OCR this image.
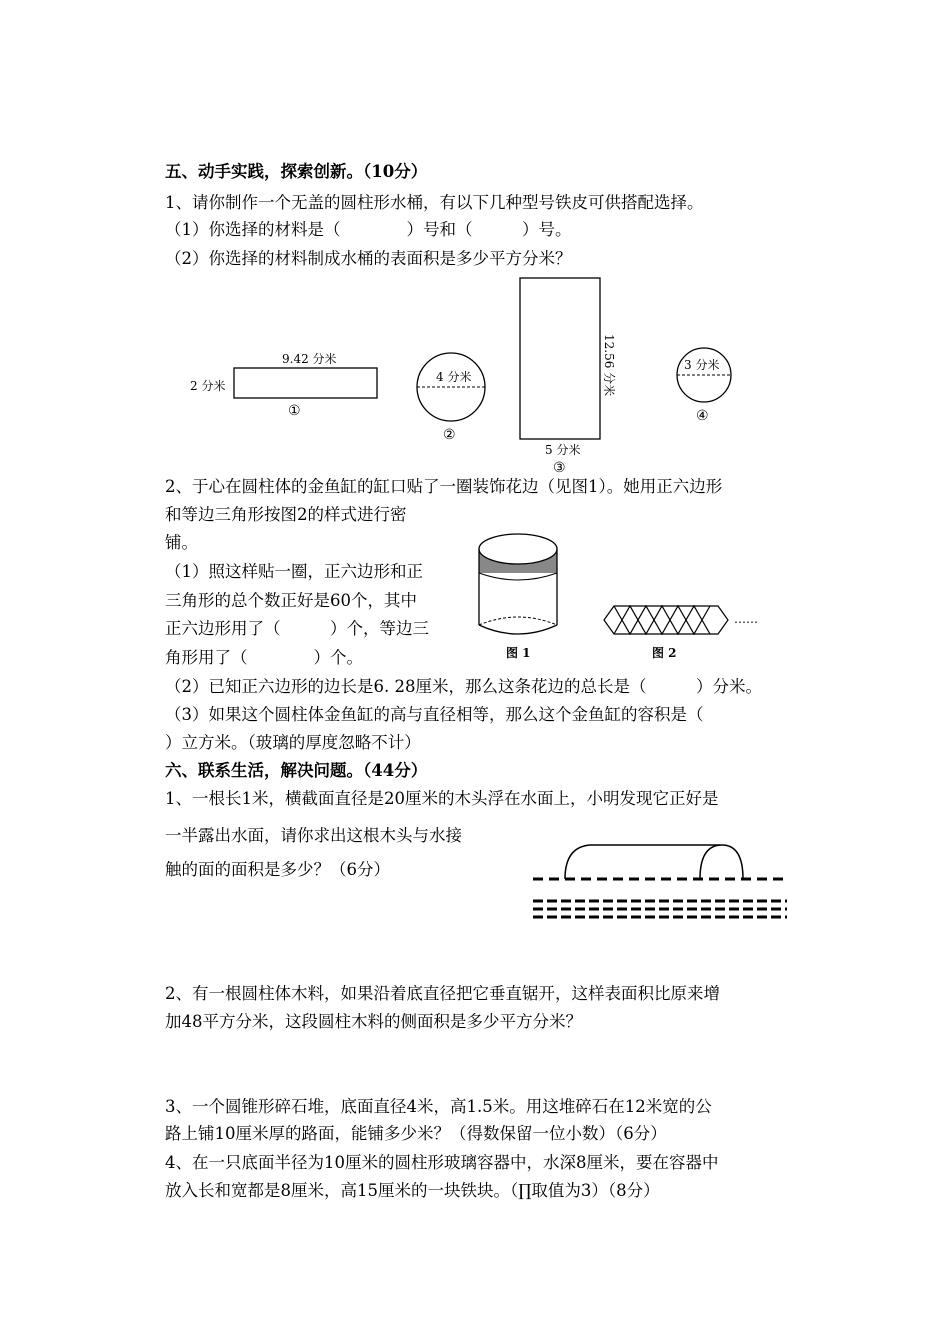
五、动手实践，探索创新。（10分）
1、请你制作一个无盖的圆柱形水桶，有以下几种型号铁皮可供搭配选择。
（1）你选择的材料是（　　　　）号和（　　　）号。
（2）你选择的材料制成水桶的表面积是多少平方分米？
9.42 分米
2 分米
①
4 分米
②
12.56 分米
5 分米
③
3 分米
④
2、于心在圆柱体的金鱼缸的缸口贴了一圈装饰花边（见图1）。她用正六边形
和等边三角形按图2的样式进行密
铺。
（1）照这样贴一圈，正六边形和正
三角形的总个数正好是60个，其中
正六边形用了（　　　）个，等边三
角形用了（　　　　）个。	图 1
……
图 2
（2）已知正六边形的边长是6. 28厘米，那么这条花边的总长是（　　　）分米。
（3）如果这个圆柱体金鱼缸的高与直径相等，那么这个金鱼缸的容积是（
）立方米。（玻璃的厚度忽略不计）
六、联系生活，解决问题。（44分）
1、一根长1米，横截面直径是20厘米的木头浮在水面上，小明发现它正好是
一半露出水面，请你求出这根木头与水接
触的面的面积是多少？（6分）
2、有一根圆柱体木料，如果沿着底直径把它垂直锯开，这样表面积比原来增
加48平方分米，这段圆柱木料的侧面积是多少平方分米？
3、一个圆锥形碎石堆，底面直径4米，高1.5米。用这堆碎石在12米宽的公
路上铺10厘米厚的路面，能铺多少米？（得数保留一位小数）（6分）
4、在一只底面半径为10厘米的圆柱形玻璃容器中，水深8厘米，要在容器中
放入长和宽都是8厘米，高15厘米的一块铁块。（∏取值为3）（8分）
